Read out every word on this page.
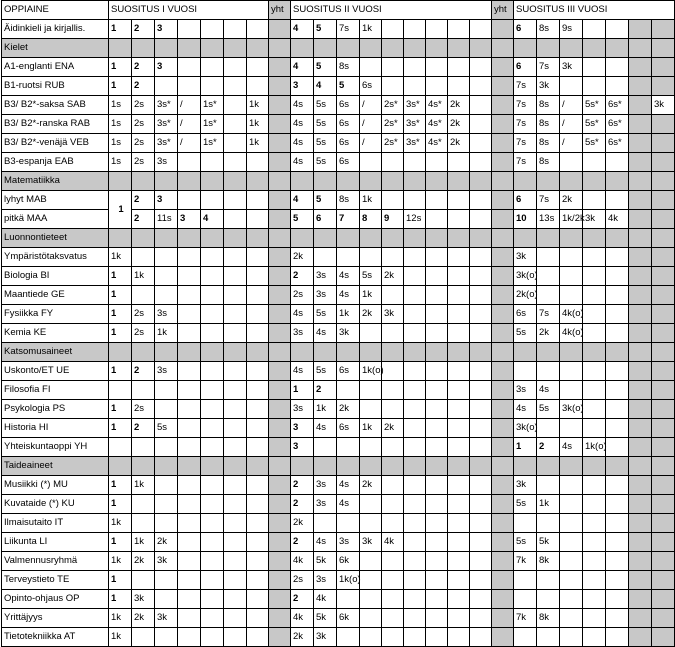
OPPIAINE	SUOSITUS I VUOSI							yht	SUOSITUS II VUOSI									yht	SUOSITUS III VUOSI						
Äidinkieli ja kirjallis.	1	2	3						4	5	7s	1k							6	8s	9s				
Kielet																									
A1-englanti ENA	1	2	3						4	5	8s								6	7s	3k				
B1-ruotsi RUB	1	2							3	4	5	6s							7s	3k					
B3/ B2*-saksa SAB	1s	2s	3s*	/	1s*		1k		4s	5s	6s	/	2s*	3s*	4s*	2k			7s	8s	/	5s*	6s*		3k
B3/ B2*-ranska RAB	1s	2s	3s*	/	1s*		1k		4s	5s	6s	/	2s*	3s*	4s*	2k			7s	8s	/	5s*	6s*		
B3/ B2*-venäjä VEB	1s	2s	3s*	/	1s*		1k		4s	5s	6s	/	2s*	3s*	4s*	2k			7s	8s	/	5s*	6s*		
B3-espanja EAB	1s	2s	3s						4s	5s	6s								7s	8s					
Matematiikka																									
lyhyt MAB	1	2	3						4	5	8s	1k							6	7s	2k				
pitkä MAA		2	11s	3	4				5	6	7	8	9	12s					10	13s	1k/2k	3k	4k		
Luonnontieteet																									
Ympäristötaksvatus	1k								2k										3k						
Biologia BI	1	1k							2	3s	4s	5s	2k						3k(o)						
Maantiede GE	1								2s	3s	4s	1k							2k(o)						
Fysiikka FY	1	2s	3s						4s	5s	1k	2k	3k						6s	7s	4k(o)				
Kemia KE	1	2s	1k						3s	4s	3k								5s	2k	4k(o)				
Katsomusaineet																									
Uskonto/ET UE	1	2	3s						4s	5s	6s	1k(o)													
Filosofia FI									1	2									3s	4s					
Psykologia PS	1	2s							3s	1k	2k								4s	5s	3k(o)				
Historia HI	1	2	5s						3	4s	6s	1k	2k						3k(o)						
Yhteiskuntaoppi YH									3										1	2	4s	1k(o)			
Taideaineet																									
Musiikki (*) MU	1	1k							2	3s	4s	2k							3k						
Kuvataide (*) KU	1								2	3s	4s								5s	1k					
Ilmaisutaito IT	1k								2k																
Liikunta LI	1	1k	2k						2	4s	3s	3k	4k						5s	5k					
Valmennusryhmä	1k	2k	3k						4k	5k	6k								7k	8k					
Terveystieto TE	1								2s	3s	1k(o)														
Opinto-ohjaus OP	1	3k							2	4k															
Yrittäjyys	1k	2k	3k						4k	5k	6k								7k	8k					
Tietotekniikka AT	1k								2k	3k															
